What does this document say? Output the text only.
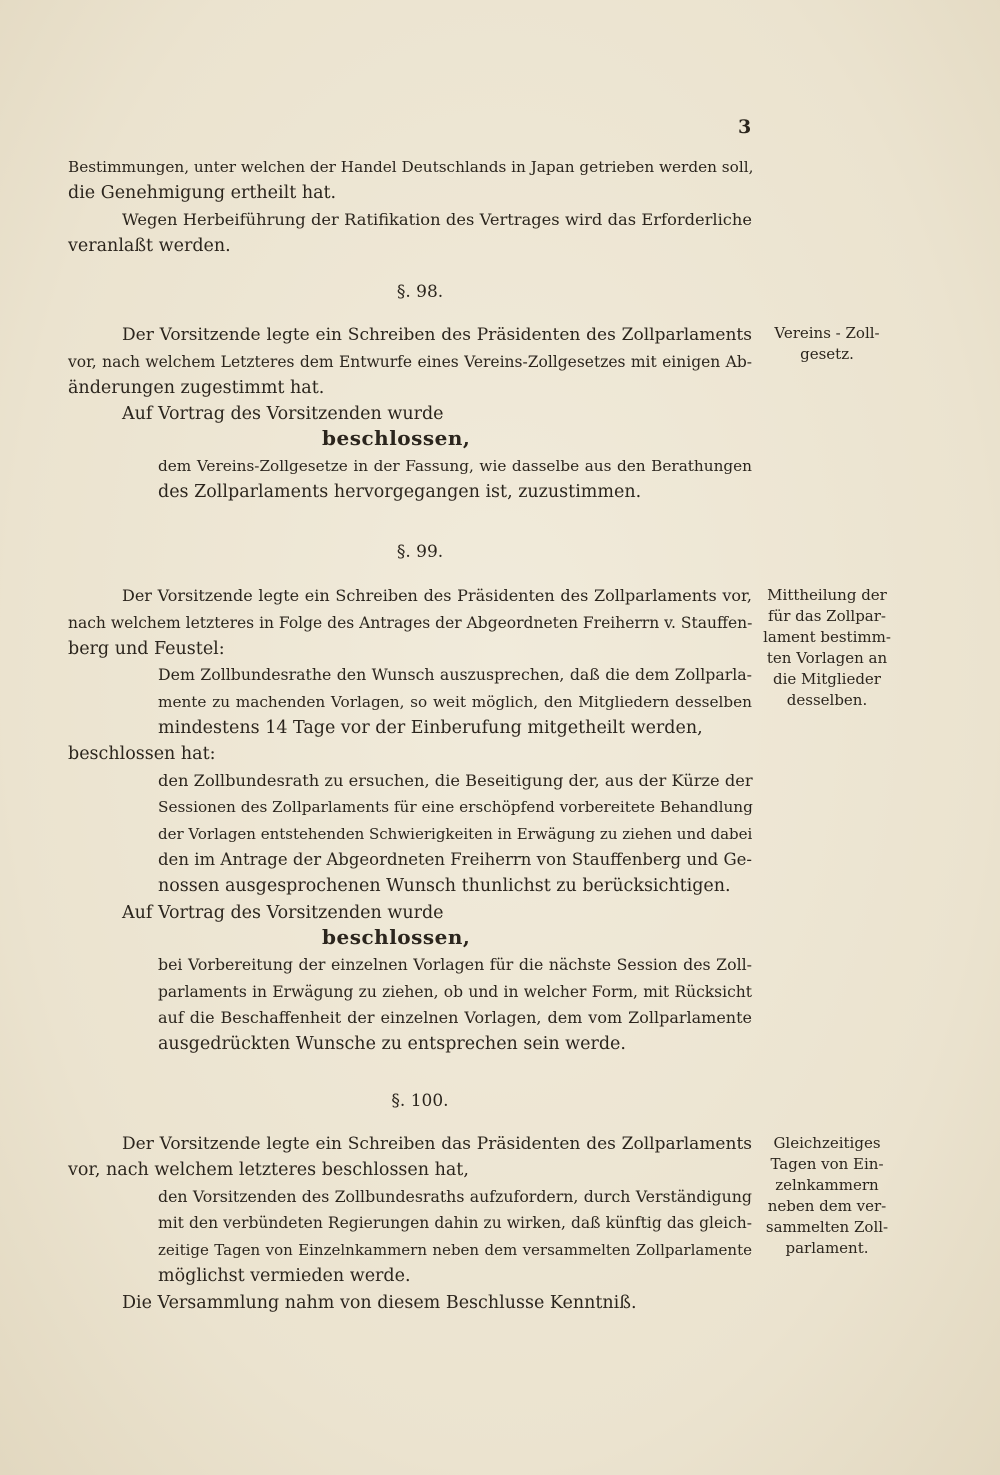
3
Bestimmungen, unter welchen der Handel Deutschlands in Japan getrieben werden soll,
die Genehmigung ertheilt hat.
Wegen Herbeiführung der Ratifikation des Vertrages wird das Erforderliche
veranlaßt werden.
§. 98.
Der Vorsitzende legte ein Schreiben des Präsidenten des Zollparlaments
vor, nach welchem Letzteres dem Entwurfe eines Vereins-Zollgesetzes mit einigen Ab-
änderungen zugestimmt hat.
Auf Vortrag des Vorsitzenden wurde
beschlossen,
dem Vereins-Zollgesetze in der Fassung, wie dasselbe aus den Berathungen
des Zollparlaments hervorgegangen ist, zuzustimmen.
Vereins - Zoll-
gesetz.
§. 99.
Der Vorsitzende legte ein Schreiben des Präsidenten des Zollparlaments vor,
nach welchem letzteres in Folge des Antrages der Abgeordneten Freiherrn v. Stauffen-
berg und Feustel:
Dem Zollbundesrathe den Wunsch auszusprechen, daß die dem Zollparla-
mente zu machenden Vorlagen, so weit möglich, den Mitgliedern desselben
mindestens 14 Tage vor der Einberufung mitgetheilt werden,
beschlossen hat:
den Zollbundesrath zu ersuchen, die Beseitigung der, aus der Kürze der
Sessionen des Zollparlaments für eine erschöpfend vorbereitete Behandlung
der Vorlagen entstehenden Schwierigkeiten in Erwägung zu ziehen und dabei
den im Antrage der Abgeordneten Freiherrn von Stauffenberg und Ge-
nossen ausgesprochenen Wunsch thunlichst zu berücksichtigen.
Auf Vortrag des Vorsitzenden wurde
beschlossen,
bei Vorbereitung der einzelnen Vorlagen für die nächste Session des Zoll-
parlaments in Erwägung zu ziehen, ob und in welcher Form, mit Rücksicht
auf die Beschaffenheit der einzelnen Vorlagen, dem vom Zollparlamente
ausgedrückten Wunsche zu entsprechen sein werde.
Mittheilung der
für das Zollpar-
lament bestimm-
ten Vorlagen an
die Mitglieder
desselben.
§. 100.
Der Vorsitzende legte ein Schreiben das Präsidenten des Zollparlaments
vor, nach welchem letzteres beschlossen hat,
den Vorsitzenden des Zollbundesraths aufzufordern, durch Verständigung
mit den verbündeten Regierungen dahin zu wirken, daß künftig das gleich-
zeitige Tagen von Einzelnkammern neben dem versammelten Zollparlamente
möglichst vermieden werde.
Die Versammlung nahm von diesem Beschlusse Kenntniß.
Gleichzeitiges
Tagen von Ein-
zelnkammern
neben dem ver-
sammelten Zoll-
parlament.
